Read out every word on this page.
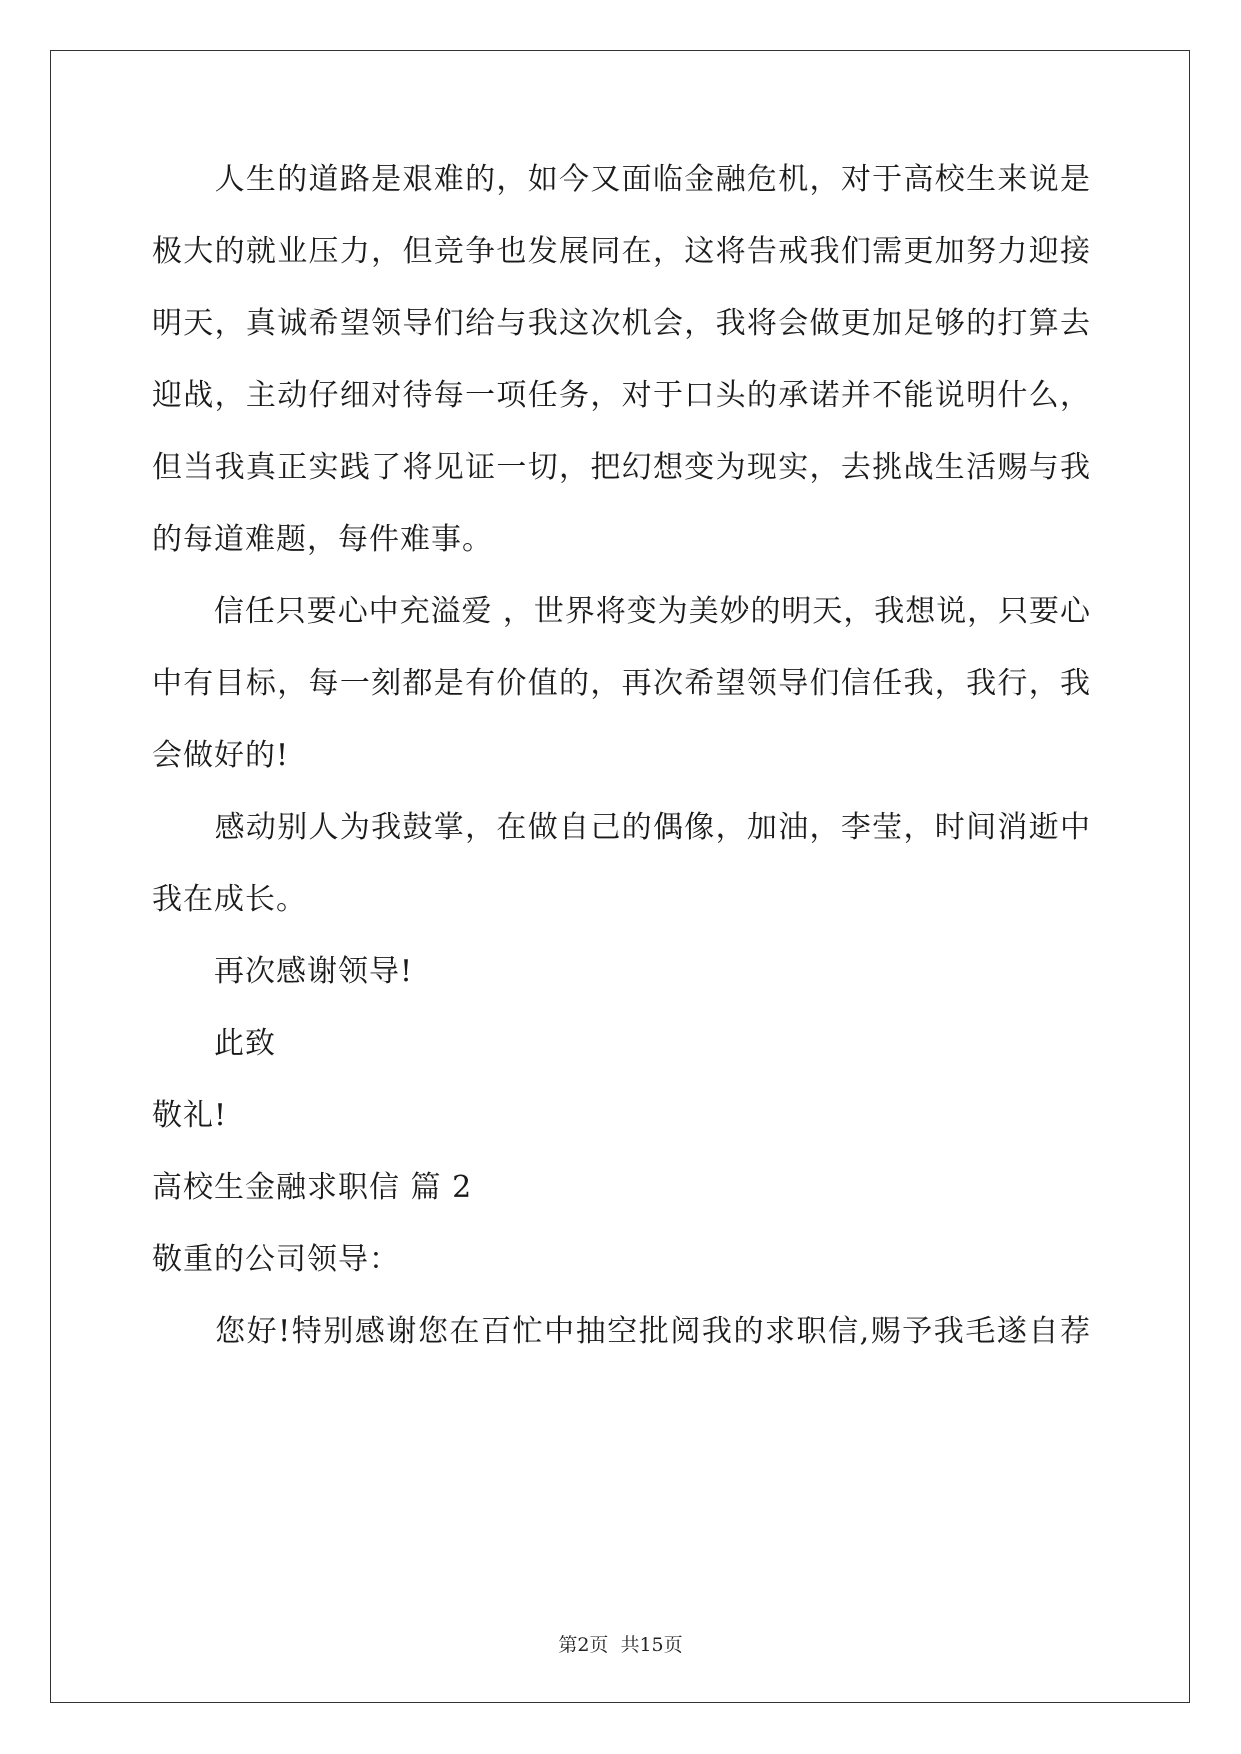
　　人生的道路是艰难的，如今又面临金融危机，对于高校生来说是
极大的就业压力，但竞争也发展同在，这将告戒我们需更加努力迎接
明天，真诚希望领导们给与我这次机会，我将会做更加足够的打算去
迎战，主动仔细对待每一项任务，对于口头的承诺并不能说明什么，
但当我真正实践了将见证一切，把幻想变为现实，去挑战生活赐与我
的每道难题，每件难事。
　　信任只要心中充溢爱 ，世界将变为美妙的明天，我想说，只要心
中有目标，每一刻都是有价值的，再次希望领导们信任我，我行，我
会做好的!
　　感动别人为我鼓掌，在做自己的偶像，加油，李莹，时间消逝中
我在成长。
　　再次感谢领导!
　　此致
敬礼!
高校生金融求职信 篇 2
敬重的公司领导：
　　您好!特别感谢您在百忙中抽空批阅我的求职信,赐予我毛遂自荐
第2页 共15页
